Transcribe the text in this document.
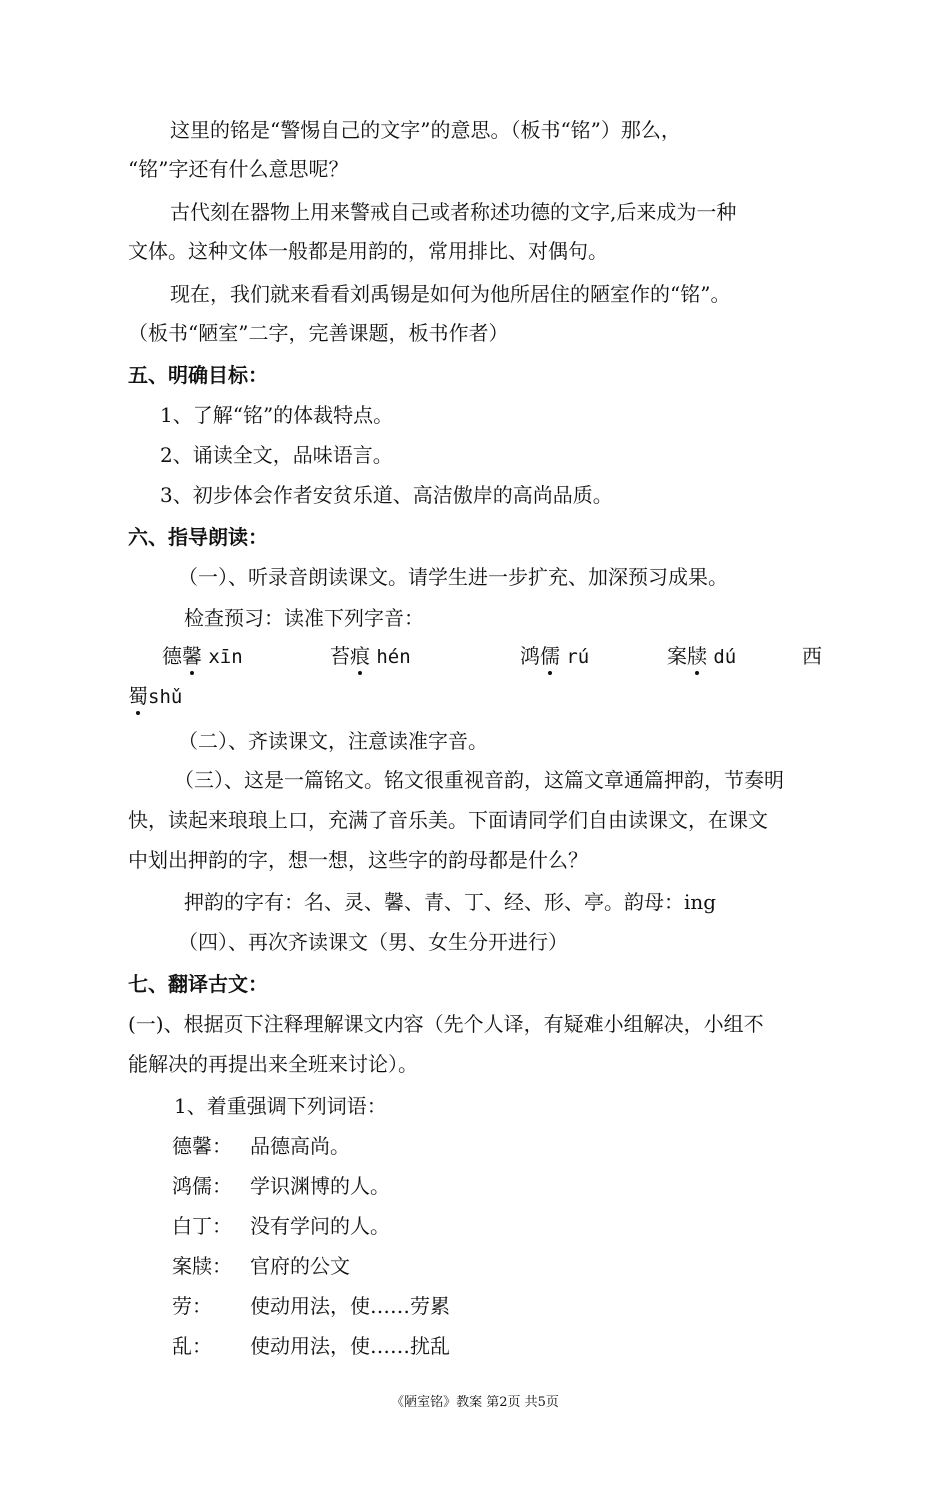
这里的铭是“警惕自己的文字”的意思。（板书“铭”）那么，
“铭”字还有什么意思呢？
古代刻在器物上用来警戒自己或者称述功德的文字,后来成为一种
文体。这种文体一般都是用韵的，常用排比、对偶句。
现在，我们就来看看刘禹锡是如何为他所居住的陋室作的“铭”。
（板书“陋室”二字，完善课题，板书作者）
五、明确目标：
1、了解“铭”的体裁特点。
2、诵读全文，品味语言。
3、初步体会作者安贫乐道、高洁傲岸的高尚品质。
六、指导朗读：
（一）、听录音朗读课文。请学生进一步扩充、加深预习成果。
检查预习：读准下列字音：
德馨 xīn	苔痕 hén	鸿儒 rú	案牍 dú	西
蜀shǔ
（二）、齐读课文，注意读准字音。
（三）、这是一篇铭文。铭文很重视音韵，这篇文章通篇押韵，节奏明
快，读起来琅琅上口，充满了音乐美。下面请同学们自由读课文，在课文
中划出押韵的字，想一想，这些字的韵母都是什么？
押韵的字有：名、灵、馨、青、丁、经、形、亭。韵母：ing
（四）、再次齐读课文（男、女生分开进行）
七、翻译古文：
(一)、根据页下注释理解课文内容（先个人译，有疑难小组解决，小组不
能解决的再提出来全班来讨论）。
1、着重强调下列词语：
德馨： 品德高尚。
鸿儒： 学识渊博的人。
白丁： 没有学问的人。
案牍： 官府的公文
劳： 使动用法，使……劳累
乱： 使动用法，使……扰乱
《陋室铭》教案 第2页 共5页
